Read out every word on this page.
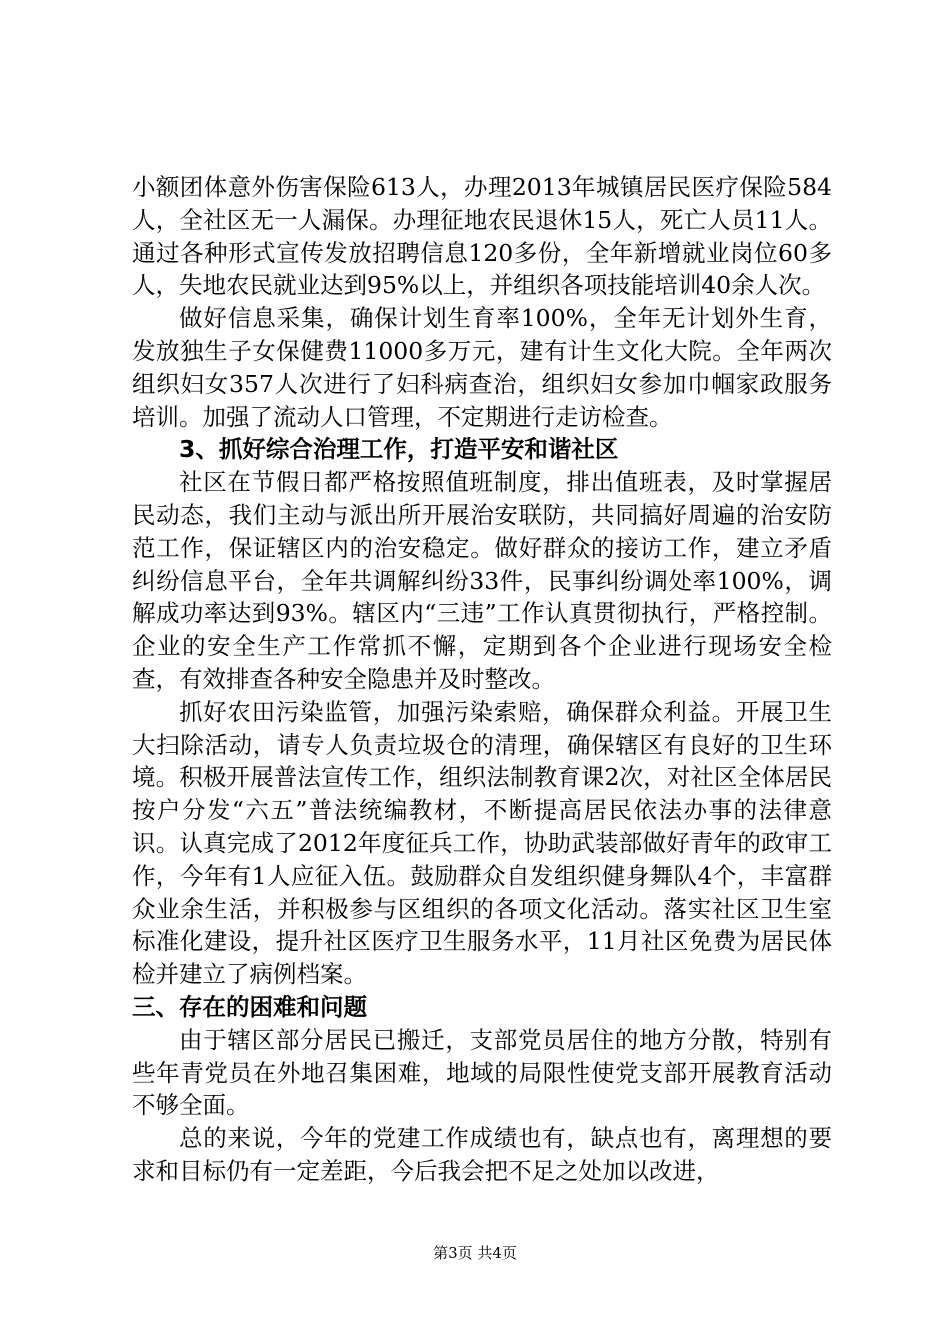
小额团体意外伤害保险613人，办理2013年城镇居民医疗保险584人，全社区无一人漏保。办理征地农民退休15人，死亡人员11人。通过各种形式宣传发放招聘信息120多份，全年新增就业岗位60多人，失地农民就业达到95%以上，并组织各项技能培训40余人次。

做好信息采集，确保计划生育率100%，全年无计划外生育，发放独生子女保健费11000多万元，建有计生文化大院。全年两次组织妇女357人次进行了妇科病查治，组织妇女参加巾帼家政服务培训。加强了流动人口管理，不定期进行走访检查。

3、抓好综合治理工作，打造平安和谐社区

社区在节假日都严格按照值班制度，排出值班表，及时掌握居民动态，我们主动与派出所开展治安联防，共同搞好周遍的治安防范工作，保证辖区内的治安稳定。做好群众的接访工作，建立矛盾纠纷信息平台，全年共调解纠纷33件，民事纠纷调处率100%，调解成功率达到93%。辖区内“三违”工作认真贯彻执行，严格控制。企业的安全生产工作常抓不懈，定期到各个企业进行现场安全检查，有效排查各种安全隐患并及时整改。

抓好农田污染监管，加强污染索赔，确保群众利益。开展卫生大扫除活动，请专人负责垃圾仓的清理，确保辖区有良好的卫生环境。积极开展普法宣传工作，组织法制教育课2次，对社区全体居民按户分发“六五”普法统编教材，不断提高居民依法办事的法律意识。认真完成了2012年度征兵工作，协助武装部做好青年的政审工作，今年有1人应征入伍。鼓励群众自发组织健身舞队4个，丰富群众业余生活，并积极参与区组织的各项文化活动。落实社区卫生室标准化建设，提升社区医疗卫生服务水平，11月社区免费为居民体检并建立了病例档案。

三、存在的困难和问题

由于辖区部分居民已搬迁，支部党员居住的地方分散，特别有些年青党员在外地召集困难，地域的局限性使党支部开展教育活动不够全面。

总的来说，今年的党建工作成绩也有，缺点也有，离理想的要求和目标仍有一定差距，今后我会把不足之处加以改进，

第3页 共4页
